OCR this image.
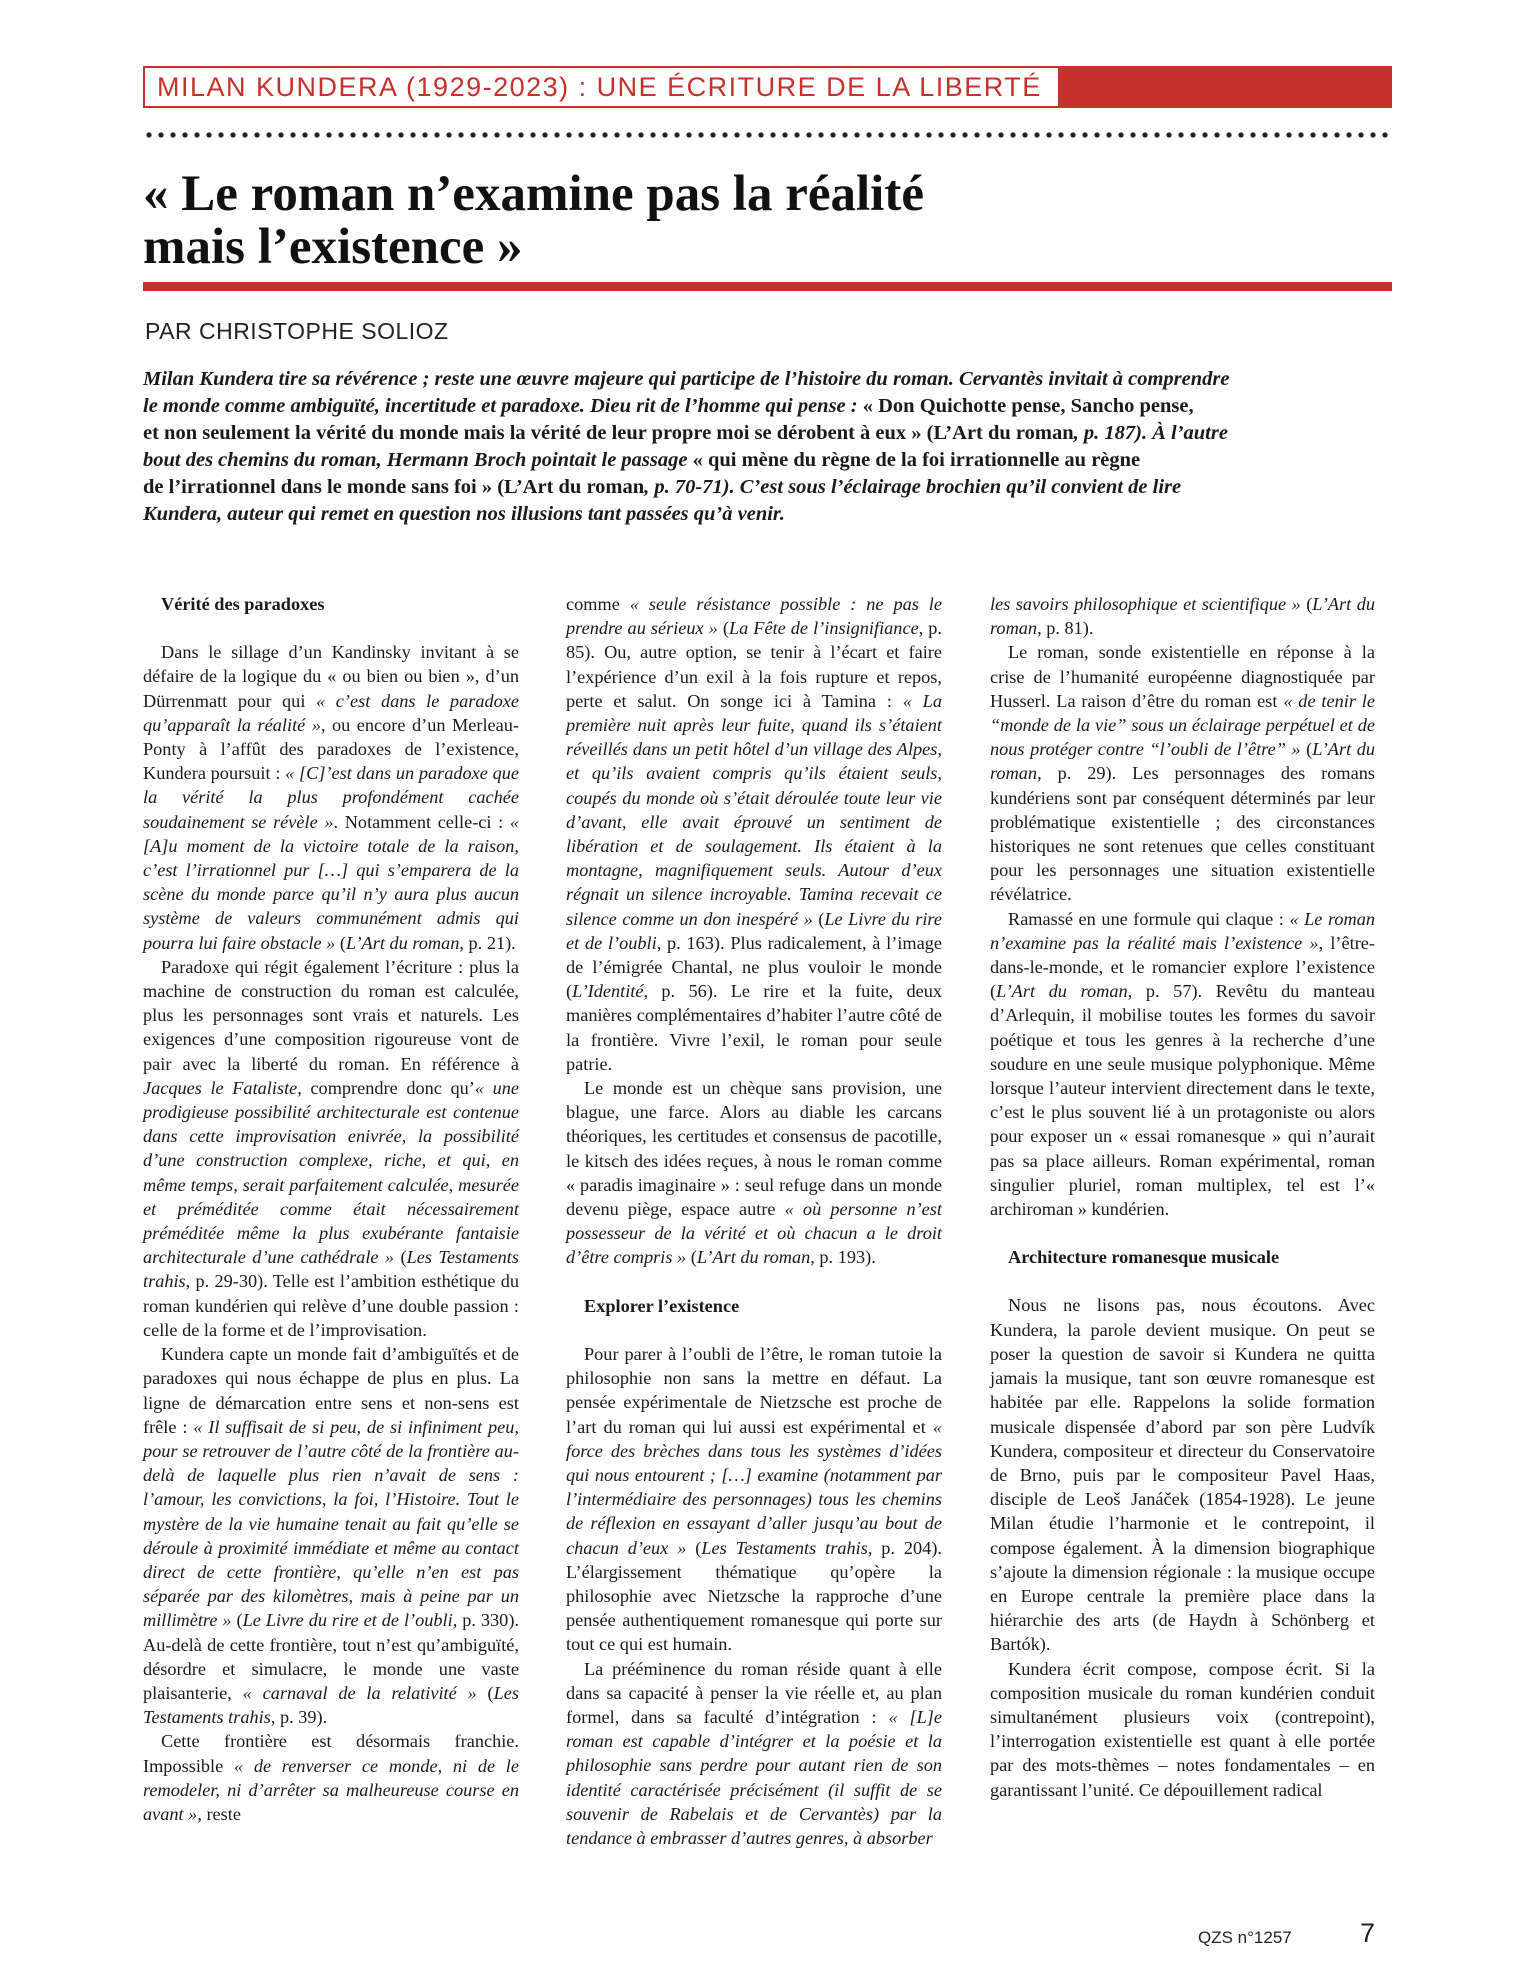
MILAN KUNDERA (1929-2023) : UNE ÉCRITURE DE LA LIBERTÉ
« Le roman n’examine pas la réalité
mais l’existence »
PAR CHRISTOPHE SOLIOZ
Milan Kundera tire sa révérence ; reste une œuvre majeure qui participe de l’histoire du roman. Cervantès invitait à comprendre
le monde comme ambiguïté, incertitude et paradoxe. Dieu rit de l’homme qui pense : « Don Quichotte pense, Sancho pense,
et non seulement la vérité du monde mais la vérité de leur propre moi se dérobent à eux » (L’Art du roman, p. 187). À l’autre
bout des chemins du roman, Hermann Broch pointait le passage « qui mène du règne de la foi irrationnelle au règne
de l’irrationnel dans le monde sans foi » (L’Art du roman, p. 70-71). C’est sous l’éclairage brochien qu’il convient de lire
Kundera, auteur qui remet en question nos illusions tant passées qu’à venir.
Vérité des paradoxes

Dans le sillage d’un Kandinsky invitant à se défaire de la logique du « ou bien ou bien », d’un Dürrenmatt pour qui « c’est dans le paradoxe qu’apparaît la réalité », ou encore d’un Merleau-Ponty à l’affût des paradoxes de l’existence, Kundera poursuit : « [C]’est dans un paradoxe que la vérité la plus profondément cachée soudainement se révèle ». Notamment celle-ci : « [A]u moment de la victoire totale de la raison, c’est l’irrationnel pur […] qui s’emparera de la scène du monde parce qu’il n’y aura plus aucun système de valeurs communément admis qui pourra lui faire obstacle » (L’Art du roman, p. 21).

Paradoxe qui régit également l’écriture : plus la machine de construction du roman est calculée, plus les personnages sont vrais et naturels. Les exigences d’une composition rigoureuse vont de pair avec la liberté du roman. En référence à Jacques le Fataliste, comprendre donc qu’« une prodigieuse possibilité architecturale est contenue dans cette improvisation enivrée, la possibilité d’une construction complexe, riche, et qui, en même temps, serait parfaitement calculée, mesurée et préméditée comme était nécessairement préméditée même la plus exubérante fantaisie architecturale d’une cathédrale » (Les Testaments trahis, p. 29-30). Telle est l’ambition esthétique du roman kundérien qui relève d’une double passion : celle de la forme et de l’improvisation.

Kundera capte un monde fait d’ambiguïtés et de paradoxes qui nous échappe de plus en plus. La ligne de démarcation entre sens et non-sens est frêle : « Il suffisait de si peu, de si infiniment peu, pour se retrouver de l’autre côté de la frontière au-delà de laquelle plus rien n’avait de sens : l’amour, les convictions, la foi, l’Histoire. Tout le mystère de la vie humaine tenait au fait qu’elle se déroule à proximité immédiate et même au contact direct de cette frontière, qu’elle n’en est pas séparée par des kilomètres, mais à peine par un millimètre » (Le Livre du rire et de l’oubli, p. 330). Au-delà de cette frontière, tout n’est qu’ambiguïté, désordre et simulacre, le monde une vaste plaisanterie, « carnaval de la relativité » (Les Testaments trahis, p. 39).

Cette frontière est désormais franchie. Impossible « de renverser ce monde, ni de le remodeler, ni d’arrêter sa malheureuse course en avant », reste

comme « seule résistance possible : ne pas le prendre au sérieux » (La Fête de l’insignifiance, p. 85). Ou, autre option, se tenir à l’écart et faire l’expérience d’un exil à la fois rupture et repos, perte et salut. On songe ici à Tamina : « La première nuit après leur fuite, quand ils s’étaient réveillés dans un petit hôtel d’un village des Alpes, et qu’ils avaient compris qu’ils étaient seuls, coupés du monde où s’était déroulée toute leur vie d’avant, elle avait éprouvé un sentiment de libération et de soulagement. Ils étaient à la montagne, magnifiquement seuls. Autour d’eux régnait un silence incroyable. Tamina recevait ce silence comme un don inespéré » (Le Livre du rire et de l’oubli, p. 163). Plus radicalement, à l’image de l’émigrée Chantal, ne plus vouloir le monde (L’Identité, p. 56). Le rire et la fuite, deux manières complémentaires d’habiter l’autre côté de la frontière. Vivre l’exil, le roman pour seule patrie.

Le monde est un chèque sans provision, une blague, une farce. Alors au diable les carcans théoriques, les certitudes et consensus de pacotille, le kitsch des idées reçues, à nous le roman comme « paradis imaginaire » : seul refuge dans un monde devenu piège, espace autre « où personne n’est possesseur de la vérité et où chacun a le droit d’être compris » (L’Art du roman, p. 193).

Explorer l’existence

Pour parer à l’oubli de l’être, le roman tutoie la philosophie non sans la mettre en défaut. La pensée expérimentale de Nietzsche est proche de l’art du roman qui lui aussi est expérimental et « force des brèches dans tous les systèmes d’idées qui nous entourent ; […] examine (notamment par l’intermédiaire des personnages) tous les chemins de réflexion en essayant d’aller jusqu’au bout de chacun d’eux » (Les Testaments trahis, p. 204). L’élargissement thématique qu’opère la philosophie avec Nietzsche la rapproche d’une pensée authentiquement romanesque qui porte sur tout ce qui est humain.

La prééminence du roman réside quant à elle dans sa capacité à penser la vie réelle et, au plan formel, dans sa faculté d’intégration : « [L]e roman est capable d’intégrer et la poésie et la philosophie sans perdre pour autant rien de son identité caractérisée précisément (il suffit de se souvenir de Rabelais et de Cervantès) par la tendance à embrasser d’autres genres, à absorber

les savoirs philosophique et scientifique » (L’Art du roman, p. 81).

Le roman, sonde existentielle en réponse à la crise de l’humanité européenne diagnostiquée par Husserl. La raison d’être du roman est « de tenir le “monde de la vie” sous un éclairage perpétuel et de nous protéger contre “l’oubli de l’être” » (L’Art du roman, p. 29). Les personnages des romans kundériens sont par conséquent déterminés par leur problématique existentielle ; des circonstances historiques ne sont retenues que celles constituant pour les personnages une situation existentielle révélatrice.

Ramassé en une formule qui claque : « Le roman n’examine pas la réalité mais l’existence », l’être-dans-le-monde, et le romancier explore l’existence (L’Art du roman, p. 57). Revêtu du manteau d’Arlequin, il mobilise toutes les formes du savoir poétique et tous les genres à la recherche d’une soudure en une seule musique polyphonique. Même lorsque l’auteur intervient directement dans le texte, c’est le plus souvent lié à un protagoniste ou alors pour exposer un « essai romanesque » qui n’aurait pas sa place ailleurs. Roman expérimental, roman singulier pluriel, roman multiplex, tel est l’« archiroman » kundérien.

Architecture romanesque musicale

Nous ne lisons pas, nous écoutons. Avec Kundera, la parole devient musique. On peut se poser la question de savoir si Kundera ne quitta jamais la musique, tant son œuvre romanesque est habitée par elle. Rappelons la solide formation musicale dispensée d’abord par son père Ludvík Kundera, compositeur et directeur du Conservatoire de Brno, puis par le compositeur Pavel Haas, disciple de Leoš Janáček (1854-1928). Le jeune Milan étudie l’harmonie et le contrepoint, il compose également. À la dimension biographique s’ajoute la dimension régionale : la musique occupe en Europe centrale la première place dans la hiérarchie des arts (de Haydn à Schönberg et Bartók).

Kundera écrit compose, compose écrit. Si la composition musicale du roman kundérien conduit simultanément plusieurs voix (contrepoint), l’interrogation existentielle est quant à elle portée par des mots-thèmes – notes fondamentales – en garantissant l’unité. Ce dépouillement radical

QZS n°1257	7
